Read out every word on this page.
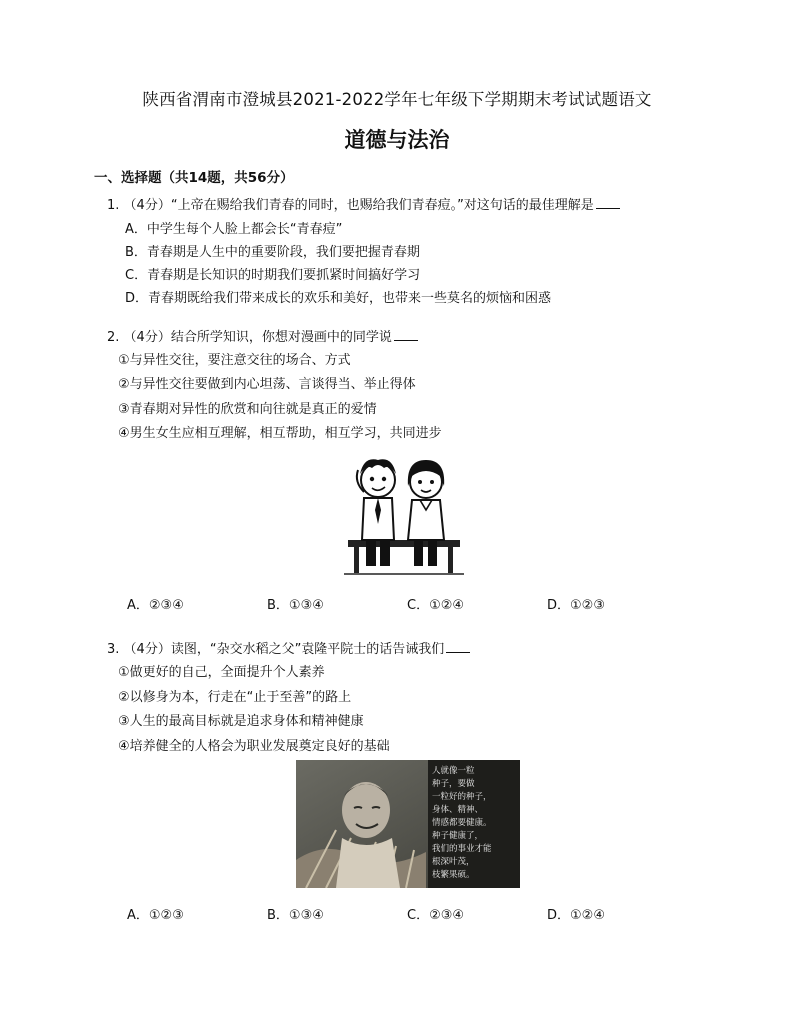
陕西省渭南市澄城县2021-2022学年七年级下学期期末考试试题语文
道德与法治
一、选择题（共14题，共56分）
1. （4分）“上帝在赐给我们青春的同时，也赐给我们青春痘。”对这句话的最佳理解是
A．中学生每个人脸上都会长“青春痘”
B．青春期是人生中的重要阶段，我们要把握青春期
C．青春期是长知识的时期我们要抓紧时间搞好学习
D．青春期既给我们带来成长的欢乐和美好，也带来一些莫名的烦恼和困惑
2. （4分）结合所学知识，你想对漫画中的同学说
①与异性交往，要注意交往的场合、方式
②与异性交往要做到内心坦荡、言谈得当、举止得体
③青春期对异性的欣赏和向往就是真正的爱情
④男生女生应相互理解，相互帮助，相互学习，共同进步
A．②③④	B．①③④	C．①②④	D．①②③
3. （4分）读图，“杂交水稻之父”袁隆平院士的话告诫我们
①做更好的自己，全面提升个人素养
②以修身为本，行走在“止于至善”的路上
③人生的最高目标就是追求身体和精神健康
④培养健全的人格会为职业发展奠定良好的基础
人就像一粒
种子，要做
一粒好的种子，
身体、精神、
情感都要健康。
种子健康了，
我们的事业才能
根深叶茂，
枝繁果硕。
A．①②③	B．①③④	C．②③④	D．①②④
